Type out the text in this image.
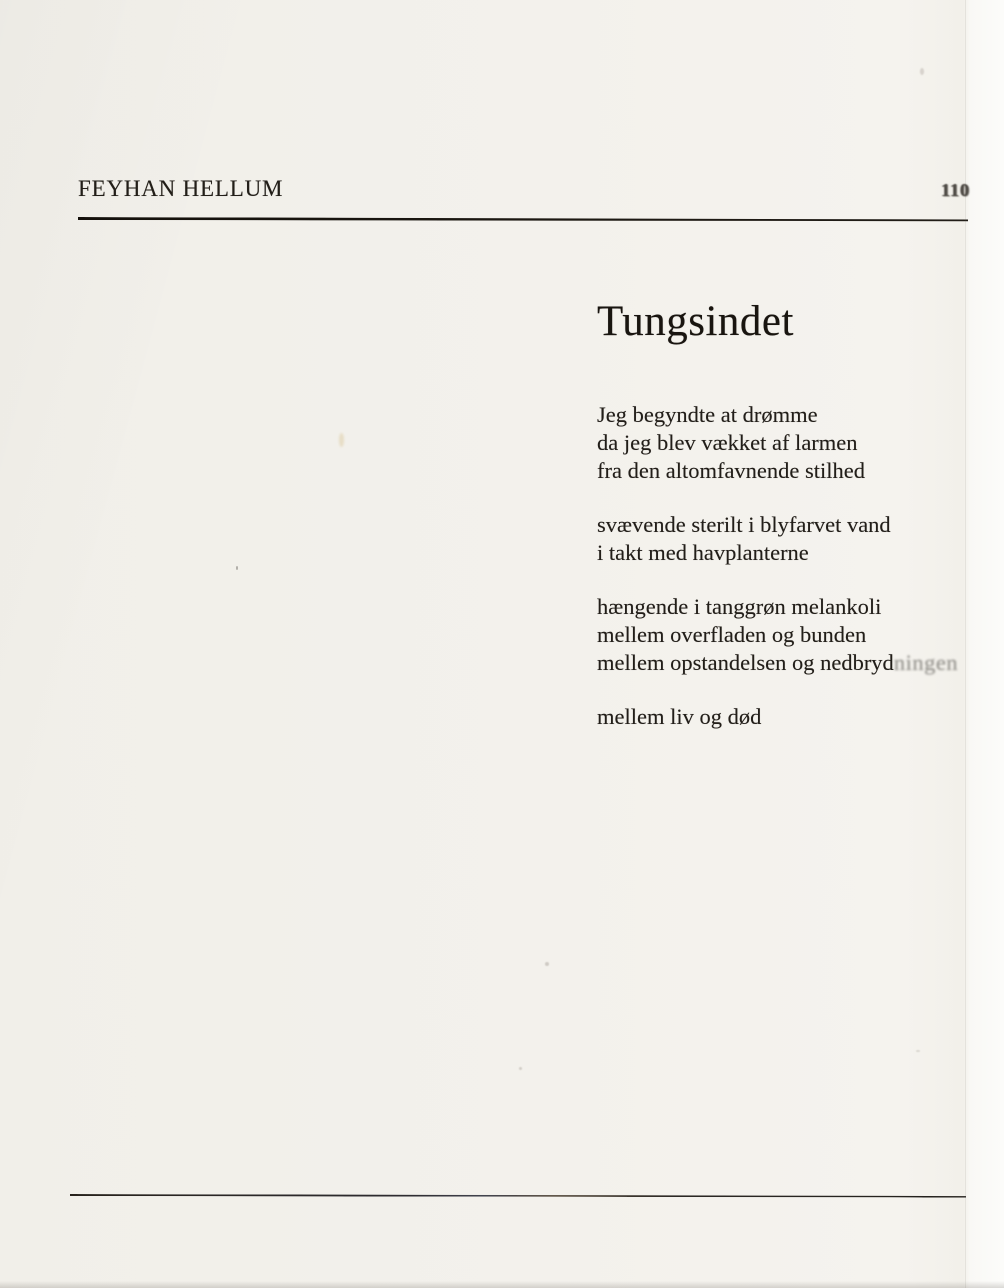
FEYHAN HELLUM	110
Tungsindet

Jeg begyndte at drømme

da jeg blev vækket af larmen

fra den altomfavnende stilhed

svævende sterilt i blyfarvet vand

i takt med havplanterne

hængende i tanggrøn melankoli

mellem overfladen og bunden

mellem opstandelsen og nedbrydningen

mellem liv og død
